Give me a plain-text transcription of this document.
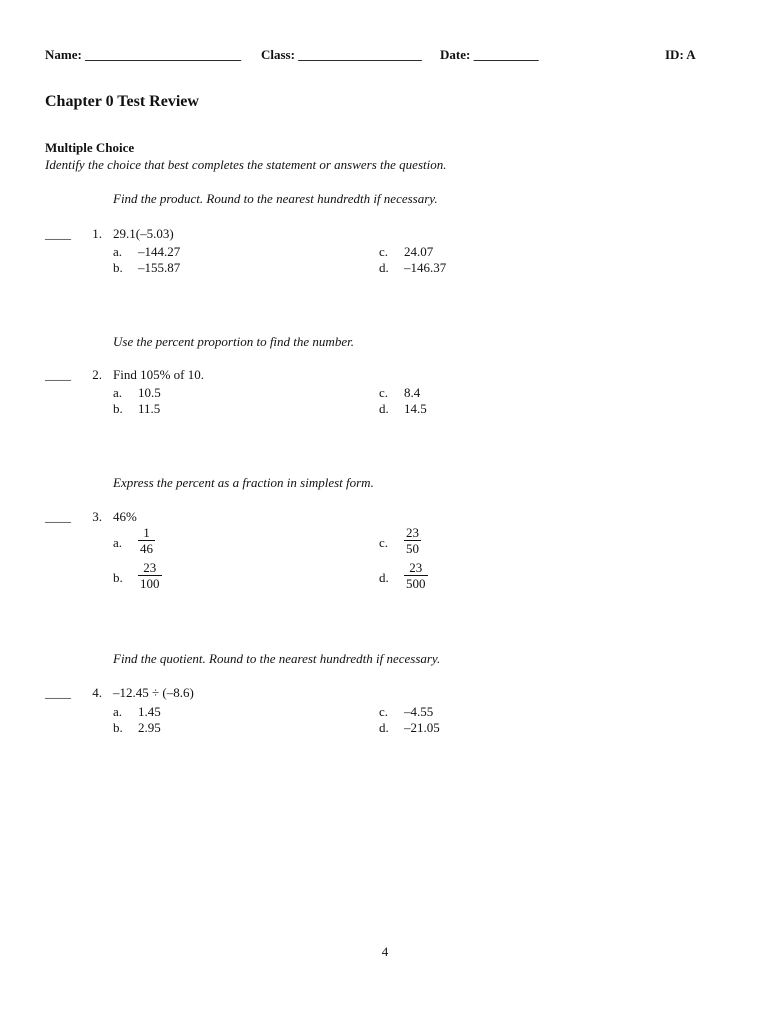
Name: ________________________ Class: ___________________ Date: __________	ID: A
Chapter 0 Test Review
Multiple Choice
Identify the choice that best completes the statement or answers the question.
Find the product. Round to the nearest hundredth if necessary.
____	1. 29.1(–5.03)
a. –144.27
b. –155.87
c. 24.07
d. –146.37
Use the percent proportion to find the number.
____	2. Find 105% of 10.
a. 10.5
b. 11.5
c. 8.4
d. 14.5
Express the percent as a fraction in simplest form.
____	3. 46%
a. $\frac{1}{46}$
b. $\frac{23}{100}$
c. $\frac{23}{50}$
d. $\frac{23}{500}$
Find the quotient. Round to the nearest hundredth if necessary.
____	4. –12.45 ÷ (–8.6)
a. 1.45
b. 2.95
c. –4.55
d. –21.05
4
